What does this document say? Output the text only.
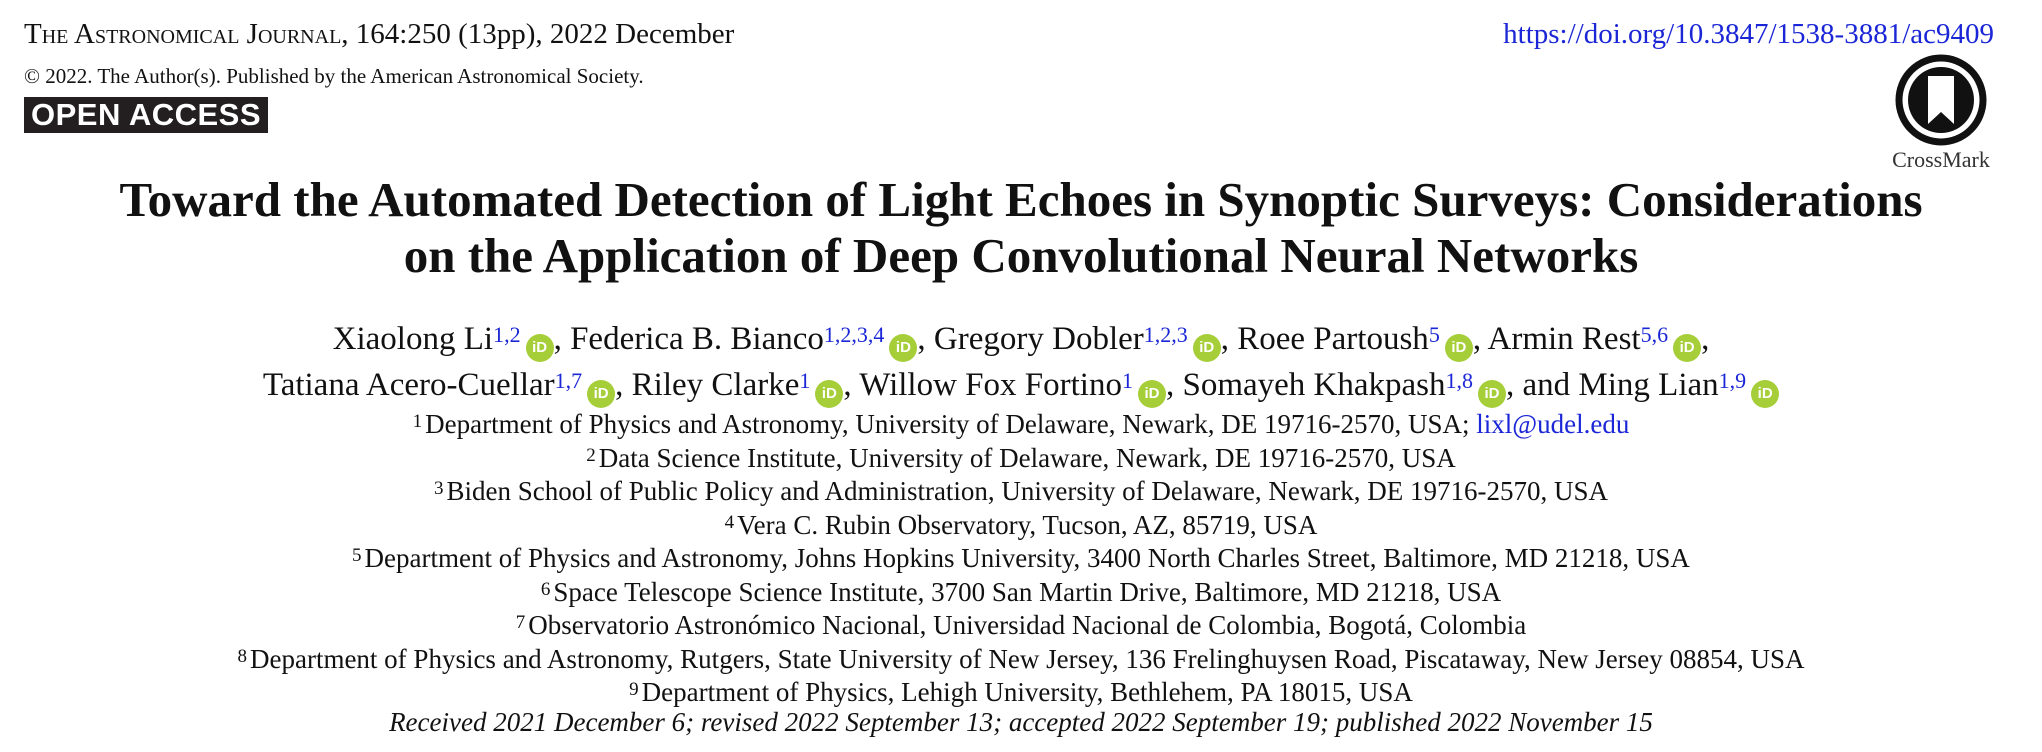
The Astronomical Journal, 164:250 (13pp), 2022 December	https://doi.org/10.3847/1538-3881/ac9409
© 2022. The Author(s). Published by the American Astronomical Society.
OPEN ACCESS
CrossMark
Toward the Automated Detection of Light Echoes in Synoptic Surveys: Considerations
on the Application of Deep Convolutional Neural Networks
Xiaolong Li$^{1,2}$iD , Federica B. Bianco$^{1,2,3,4}$iD , Gregory Dobler$^{1,2,3}$iD , Roee Partoush$^5$iD , Armin Rest$^{5,6}$iD ,
Tatiana Acero-Cuellar$^{1,7}$iD , Riley Clarke$^1$iD , Willow Fox Fortino$^1$iD , Somayeh Khakpash$^{1,8}$iD , and Ming Lian$^{1,9}$iD
$^1$ Department of Physics and Astronomy, University of Delaware, Newark, DE 19716-2570, USA; lixl@udel.edu
$^2$ Data Science Institute, University of Delaware, Newark, DE 19716-2570, USA
$^3$ Biden School of Public Policy and Administration, University of Delaware, Newark, DE 19716-2570, USA
$^4$ Vera C. Rubin Observatory, Tucson, AZ, 85719, USA
$^5$ Department of Physics and Astronomy, Johns Hopkins University, 3400 North Charles Street, Baltimore, MD 21218, USA
$^6$ Space Telescope Science Institute, 3700 San Martin Drive, Baltimore, MD 21218, USA
$^7$ Observatorio Astronómico Nacional, Universidad Nacional de Colombia, Bogotá, Colombia
$^8$ Department of Physics and Astronomy, Rutgers, State University of New Jersey, 136 Frelinghuysen Road, Piscataway, New Jersey 08854, USA
$^9$ Department of Physics, Lehigh University, Bethlehem, PA 18015, USA
Received 2021 December 6; revised 2022 September 13; accepted 2022 September 19; published 2022 November 15
